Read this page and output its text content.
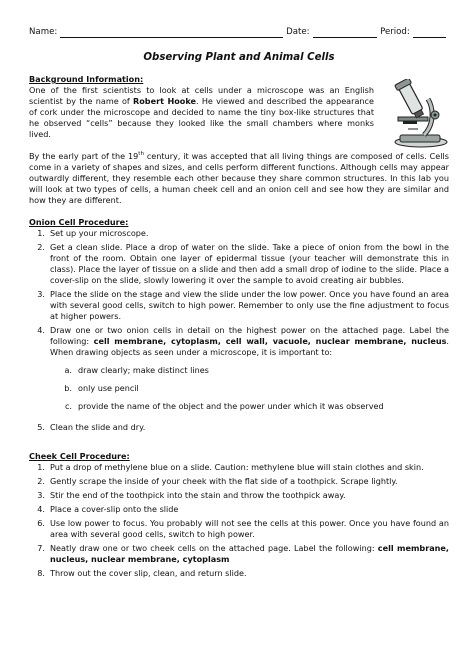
Name:	Date:	Period:
Observing Plant and Animal Cells
Background Information:

One of the first scientists to look at cells under a microscope was an English scientist by the name of Robert Hooke. He viewed and described the appearance of cork under the microscope and decided to name the tiny box-like structures that he observed “cells” because they looked like the small chambers where monks lived.

By the early part of the 19th century, it was accepted that all living things are composed of cells. Cells come in a variety of shapes and sizes, and cells perform different functions. Although cells may appear outwardly different, they resemble each other because they share common structures. In this lab you will look at two types of cells, a human cheek cell and an onion cell and see how they are similar and how they are different.

Onion Cell Procedure:
1. Set up your microscope.
2. Get a clean slide. Place a drop of water on the slide. Take a piece of onion from the bowl in the front of the room. Obtain one layer of epidermal tissue (your teacher will demonstrate this in class). Place the layer of tissue on a slide and then add a small drop of iodine to the slide. Place a cover-slip on the slide, slowly lowering it over the sample to avoid creating air bubbles.
3. Place the slide on the stage and view the slide under the low power. Once you have found an area with several good cells, switch to high power. Remember to only use the fine adjustment to focus at higher powers.
4. Draw one or two onion cells in detail on the highest power on the attached page. Label the following: cell membrane, cytoplasm, cell wall, vacuole, nuclear membrane, nucleus. When drawing objects as seen under a microscope, it is important to:
a. draw clearly; make distinct lines
b. only use pencil
c. provide the name of the object and the power under which it was observed
5. Clean the slide and dry.
Cheek Cell Procedure:
1. Put a drop of methylene blue on a slide. Caution: methylene blue will stain clothes and skin.
2. Gently scrape the inside of your cheek with the flat side of a toothpick. Scrape lightly.
3. Stir the end of the toothpick into the stain and throw the toothpick away.
4. Place a cover-slip onto the slide
6. Use low power to focus. You probably will not see the cells at this power. Once you have found an area with several good cells, switch to high power.
7. Neatly draw one or two cheek cells on the attached page. Label the following: cell membrane, nucleus, nuclear membrane, cytoplasm
8. Throw out the cover slip, clean, and return slide.
